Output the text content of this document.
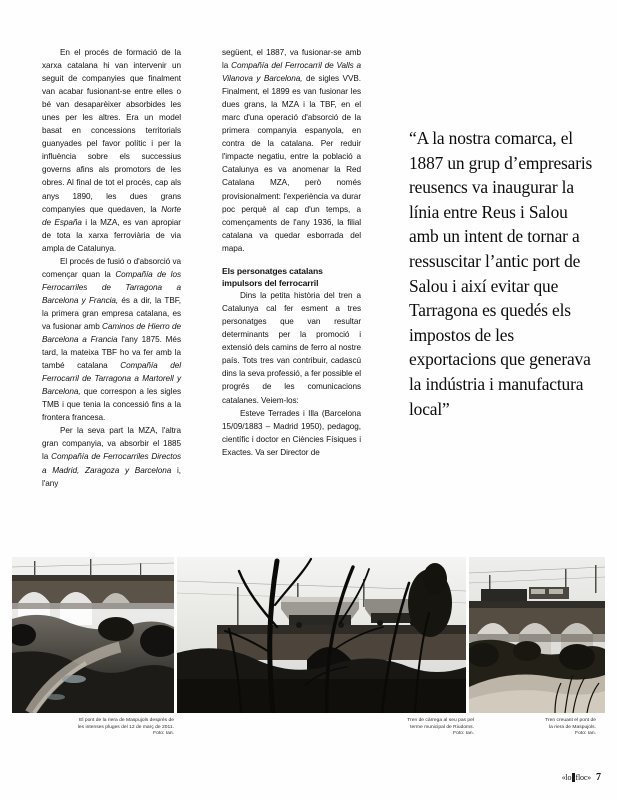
En el procés de formació de la xarxa catalana hi van intervenir un seguit de companyies que finalment van acabar fusionant-se entre elles o bé van desaparèixer absorbides les unes per les altres. Era un model basat en concessions territorials guanyades pel favor polític i per la influència sobre els successius governs afins als promotors de les obres. Al final de tot el procés, cap als anys 1890, les dues grans companyies que quedaven, la Norte de España i la MZA, es van apropiar de tota la xarxa ferroviària de via ampla de Catalunya.

El procés de fusió o d'absorció va començar quan la Compañía de los Ferrocarriles de Tarragona a Barcelona y Francia, és a dir, la TBF, la primera gran empresa catalana, es va fusionar amb Caminos de Hierro de Barcelona a Francia l'any 1875. Més tard, la mateixa TBF ho va fer amb la també catalana Compañía del Ferrocarril de Tarragona a Martorell y Barcelona, que correspon a les sigles TMB i que tenia la concessió fins a la frontera francesa.

Per la seva part la MZA, l'altra gran companyia, va absorbir el 1885 la Compañía de Ferrocarriles Directos a Madrid, Zaragoza y Barcelona i, l'any

següent, el 1887, va fusionar-se amb la Compañía del Ferrocarril de Valls a Vilanova y Barcelona, de sigles VVB. Finalment, el 1899 es van fusionar les dues grans, la MZA i la TBF, en el marc d'una operació d'absorció de la primera companyia espanyola, en contra de la catalana. Per reduir l'impacte negatiu, entre la població a Catalunya es va anomenar la Red Catalana MZA, però només provisionalment: l'experiència va durar poc perquè al cap d'un temps, a començaments de l'any 1936, la filial catalana va quedar esborrada del mapa.

Els personatges catalans impulsors del ferrocarril

Dins la petita història del tren a Catalunya cal fer esment a tres personatges que van resultar determinants per la promoció i extensió dels camins de ferro al nostre país. Tots tres van contribuir, cadascú dins la seva professió, a fer possible el progrés de les comunicacions catalanes. Veiem-los:

Esteve Terrades i Illa (Barcelona 15/09/1883 – Madrid 1950), pedagog, científic i doctor en Ciències Físiques i Exactes. Va ser Director de

“A la nostra comarca, el 1887 un grup d’empresaris reusencs va inaugurar la línia entre Reus i Salou amb un intent de tornar a ressuscitar l’antic port de Salou i així evitar que Tarragona es quedés els impostos de les exportacions que generava la indústria i manufactura local”
El pont de la riera de Maspujols després de
les intenses pluges del 12 de març de 2011.
Foto: Ian.
Tren de càrrega al seu pas pel
terme municipal de Riudoms.
Foto: Ian.
Tren creuant el pont de
la riera de Maspujols.
Foto: Ian.
«lo floc» 7
